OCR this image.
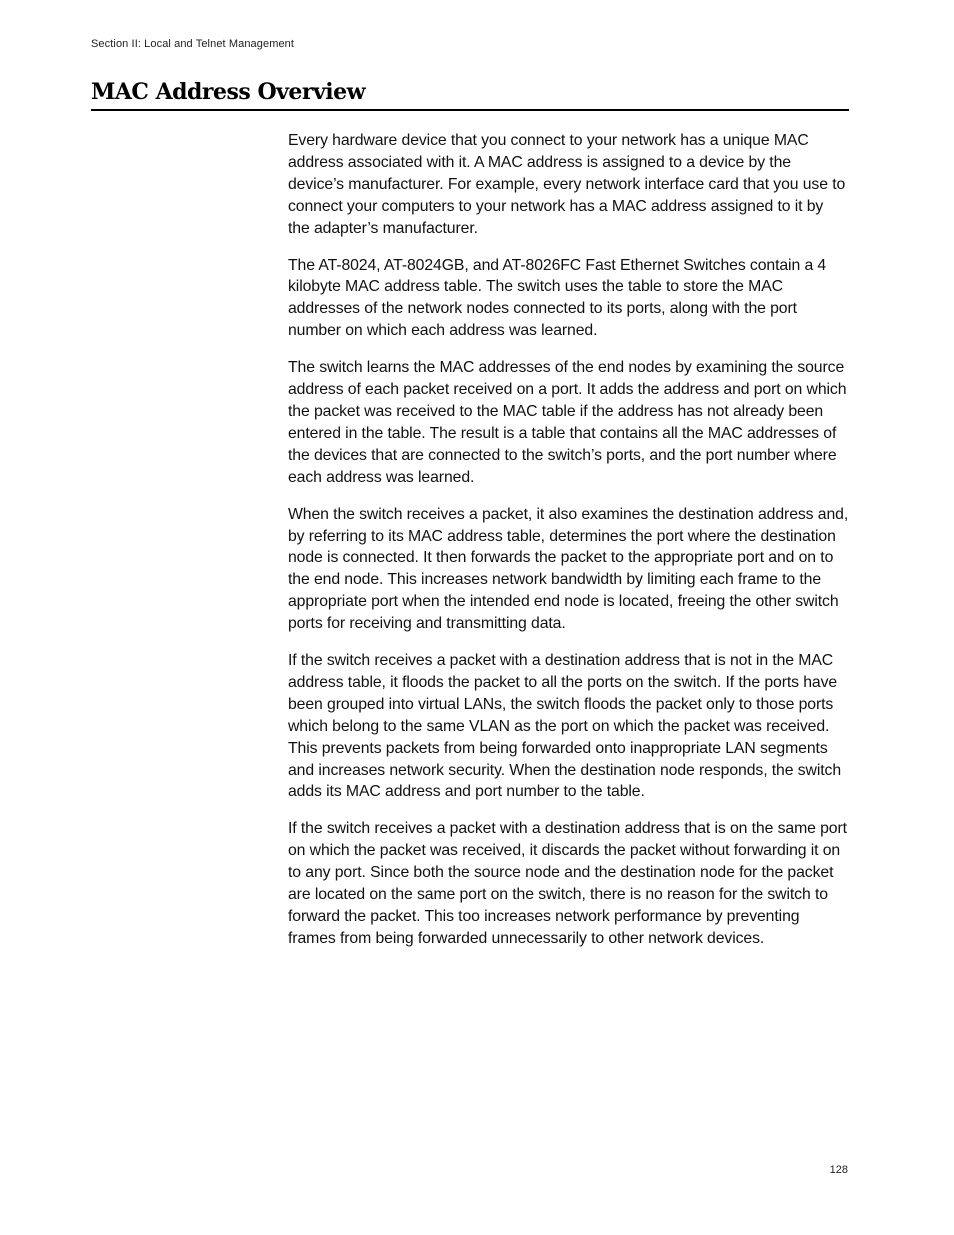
Section II: Local and Telnet Management
MAC Address Overview

Every hardware device that you connect to your network has a unique MAC address associated with it. A MAC address is assigned to a device by the device’s manufacturer. For example, every network interface card that you use to connect your computers to your network has a MAC address assigned to it by the adapter’s manufacturer.

The AT-8024, AT-8024GB, and AT-8026FC Fast Ethernet Switches contain a 4 kilobyte MAC address table. The switch uses the table to store the MAC addresses of the network nodes connected to its ports, along with the port number on which each address was learned.

The switch learns the MAC addresses of the end nodes by examining the source address of each packet received on a port. It adds the address and port on which the packet was received to the MAC table if the address has not already been entered in the table. The result is a table that contains all the MAC addresses of the devices that are connected to the switch’s ports, and the port number where each address was learned.

When the switch receives a packet, it also examines the destination address and, by referring to its MAC address table, determines the port where the destination node is connected. It then forwards the packet to the appropriate port and on to the end node. This increases network bandwidth by limiting each frame to the appropriate port when the intended end node is located, freeing the other switch ports for receiving and transmitting data.

If the switch receives a packet with a destination address that is not in the MAC address table, it floods the packet to all the ports on the switch. If the ports have been grouped into virtual LANs, the switch floods the packet only to those ports which belong to the same VLAN as the port on which the packet was received. This prevents packets from being forwarded onto inappropriate LAN segments and increases network security. When the destination node responds, the switch adds its MAC address and port number to the table.

If the switch receives a packet with a destination address that is on the same port on which the packet was received, it discards the packet without forwarding it on to any port. Since both the source node and the destination node for the packet are located on the same port on the switch, there is no reason for the switch to forward the packet. This too increases network performance by preventing frames from being forwarded unnecessarily to other network devices.

128
